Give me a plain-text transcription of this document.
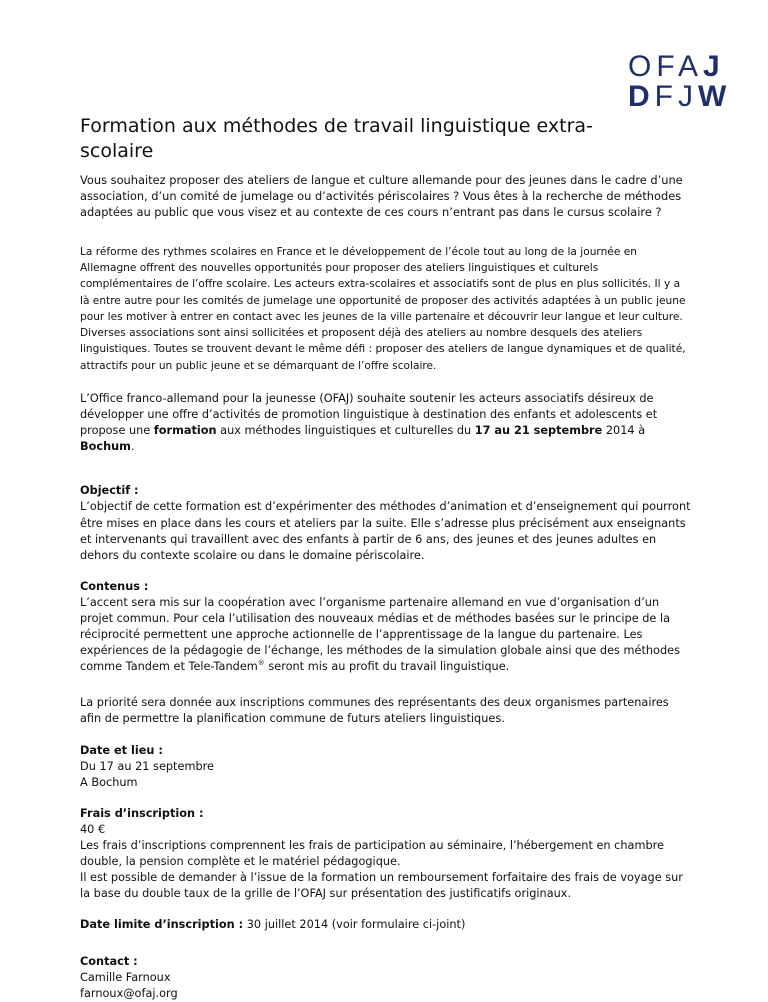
OFAJ
DFJW
Formation aux méthodes de travail linguistique extra-scolaire

Vous souhaitez proposer des ateliers de langue et culture allemande pour des jeunes dans le cadre d’une association, d’un comité de jumelage ou d’activités périscolaires ? Vous êtes à la recherche de méthodes adaptées au public que vous visez et au contexte de ces cours n’entrant pas dans le cursus scolaire ?

La réforme des rythmes scolaires en France et le développement de l’école tout au long de la journée en Allemagne offrent des nouvelles opportunités pour proposer des ateliers linguistiques et culturels complémentaires de l’offre scolaire. Les acteurs extra-scolaires et associatifs sont de plus en plus sollicités. Il y a là entre autre pour les comités de jumelage une opportunité de proposer des activités adaptées à un public jeune pour les motiver à entrer en contact avec les jeunes de la ville partenaire et découvrir leur langue et leur culture. Diverses associations sont ainsi sollicitées et proposent déjà des ateliers au nombre desquels des ateliers linguistiques. Toutes se trouvent devant le même défi : proposer des ateliers de langue dynamiques et de qualité, attractifs pour un public jeune et se démarquant de l’offre scolaire.

L’Office franco-allemand pour la jeunesse (OFAJ) souhaite soutenir les acteurs associatifs désireux de développer une offre d’activités de promotion linguistique à destination des enfants et adolescents et propose une formation aux méthodes linguistiques et culturelles du 17 au 21 septembre 2014 à Bochum.

Objectif :
L’objectif de cette formation est d’expérimenter des méthodes d’animation et d’enseignement qui pourront être mises en place dans les cours et ateliers par la suite. Elle s’adresse plus précisément aux enseignants et intervenants qui travaillent avec des enfants à partir de 6 ans, des jeunes et des jeunes adultes en dehors du contexte scolaire ou dans le domaine périscolaire.
Contenus :
L’accent sera mis sur la coopération avec l’organisme partenaire allemand en vue d’organisation d’un projet commun. Pour cela l’utilisation des nouveaux médias et de méthodes basées sur le principe de la réciprocité permettent une approche actionnelle de l’apprentissage de la langue du partenaire. Les expériences de la pédagogie de l’échange, les méthodes de la simulation globale ainsi que des méthodes comme Tandem et Tele-Tandem® seront mis au profit du travail linguistique.

La priorité sera donnée aux inscriptions communes des représentants des deux organismes partenaires afin de permettre la planification commune de futurs ateliers linguistiques.

Date et lieu :
Du 17 au 21 septembre
A Bochum
Frais d’inscription :
40 €
Les frais d’inscriptions comprennent les frais de participation au séminaire, l’hébergement en chambre double, la pension complète et le matériel pédagogique.
Il est possible de demander à l’issue de la formation un remboursement forfaitaire des frais de voyage sur la base du double taux de la grille de l’OFAJ sur présentation des justificatifs originaux.

Date limite d’inscription : 30 juillet 2014 (voir formulaire ci-joint)

Contact :
Camille Farnoux
farnoux@ofaj.org
